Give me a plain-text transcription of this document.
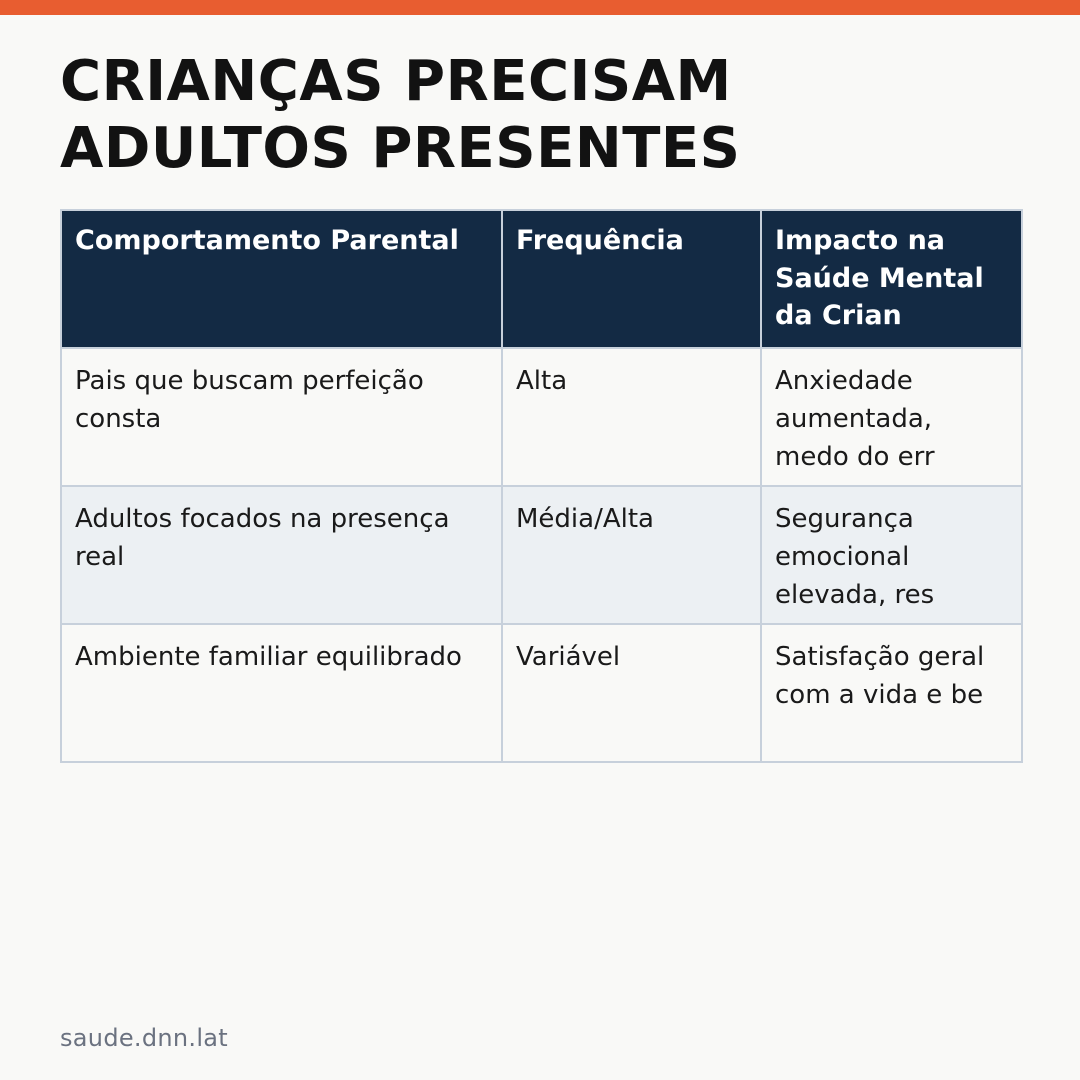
CRIANÇAS PRECISAM
ADULTOS PRESENTES
Comportamento Parental	Frequência	Impacto na Saúde Mental da Crian
Pais que buscam perfeição consta	Alta	Anxiedade aumentada, medo do err
Adultos focados na presença real	Média/Alta	Segurança emocional elevada, res
Ambiente familiar equilibrado	Variável	Satisfação geral com a vida e be
saude.dnn.lat
